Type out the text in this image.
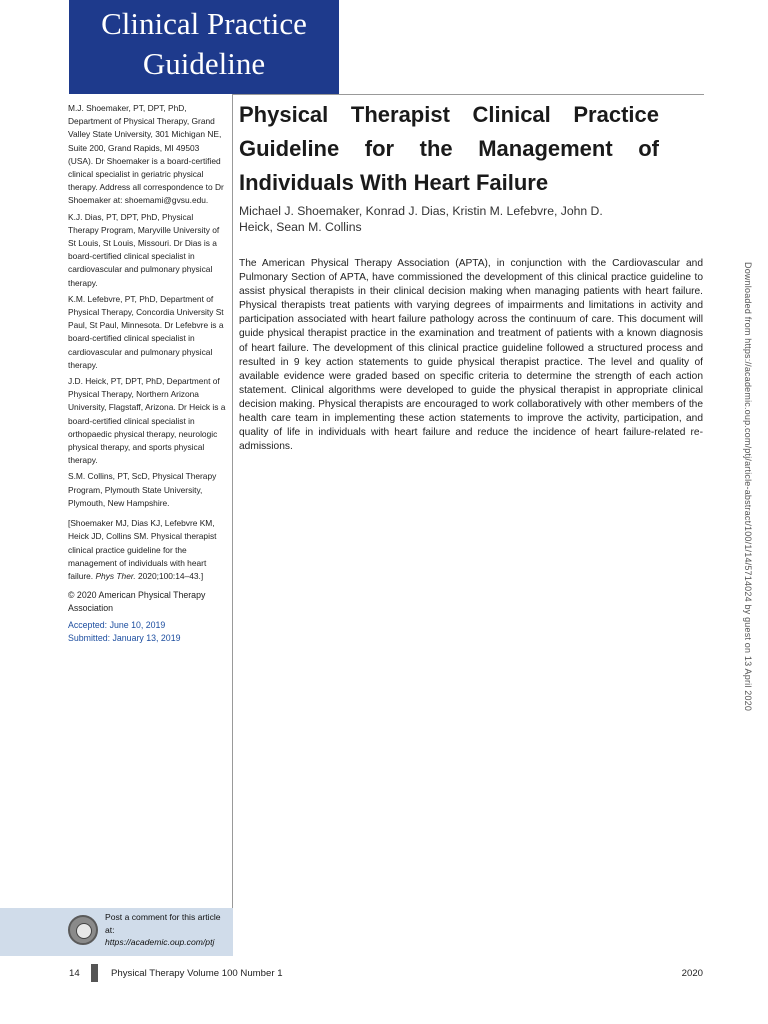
Clinical Practice
Guideline

M.J. Shoemaker, PT, DPT, PhD, Department of Physical Therapy, Grand Valley State University, 301 Michigan NE, Suite 200, Grand Rapids, MI 49503 (USA). Dr Shoemaker is a board-certified clinical specialist in geriatric physical therapy. Address all correspondence to Dr Shoemaker at: shoemami@gvsu.edu.

K.J. Dias, PT, DPT, PhD, Physical Therapy Program, Maryville University of St Louis, St Louis, Missouri. Dr Dias is a board-certified clinical specialist in cardiovascular and pulmonary physical therapy.

K.M. Lefebvre, PT, PhD, Department of Physical Therapy, Concordia University St Paul, St Paul, Minnesota. Dr Lefebvre is a board-certified clinical specialist in cardiovascular and pulmonary physical therapy.

J.D. Heick, PT, DPT, PhD, Department of Physical Therapy, Northern Arizona University, Flagstaff, Arizona. Dr Heick is a board-certified clinical specialist in orthopaedic physical therapy, neurologic physical therapy, and sports physical therapy.

S.M. Collins, PT, ScD, Physical Therapy Program, Plymouth State University, Plymouth, New Hampshire.

[Shoemaker MJ, Dias KJ, Lefebvre KM, Heick JD, Collins SM. Physical therapist clinical practice guideline for the management of individuals with heart failure. Phys Ther. 2020;100:14–43.]

© 2020 American Physical Therapy Association

Accepted: June 10, 2019

Submitted: January 13, 2019

Physical Therapist Clinical Practice Guideline for the Management of Individuals With Heart Failure
Michael J. Shoemaker, Konrad J. Dias, Kristin M. Lefebvre, John D. Heick, Sean M. Collins

The American Physical Therapy Association (APTA), in conjunction with the Cardiovascular and Pulmonary Section of APTA, have commissioned the development of this clinical practice guideline to assist physical therapists in their clinical decision making when managing patients with heart failure. Physical therapists treat patients with varying degrees of impairments and limitations in activity and participation associated with heart failure pathology across the continuum of care. This document will guide physical therapist practice in the examination and treatment of patients with a known diagnosis of heart failure. The development of this clinical practice guideline followed a structured process and resulted in 9 key action statements to guide physical therapist practice. The level and quality of available evidence were graded based on specific criteria to determine the strength of each action statement. Clinical algorithms were developed to guide the physical therapist in appropriate clinical decision making. Physical therapists are encouraged to work collaboratively with other members of the health care team in implementing these action statements to improve the activity, participation, and quality of life in individuals with heart failure and reduce the incidence of heart failure-related re-admissions.	Downloaded from https://academic.oup.com/ptj/article-abstract/100/1/14/5714024 by guest on 13 April 2020
Post a comment for this article at:
https://academic.oup.com/ptj
14	Physical Therapy Volume 100 Number 1	2020
